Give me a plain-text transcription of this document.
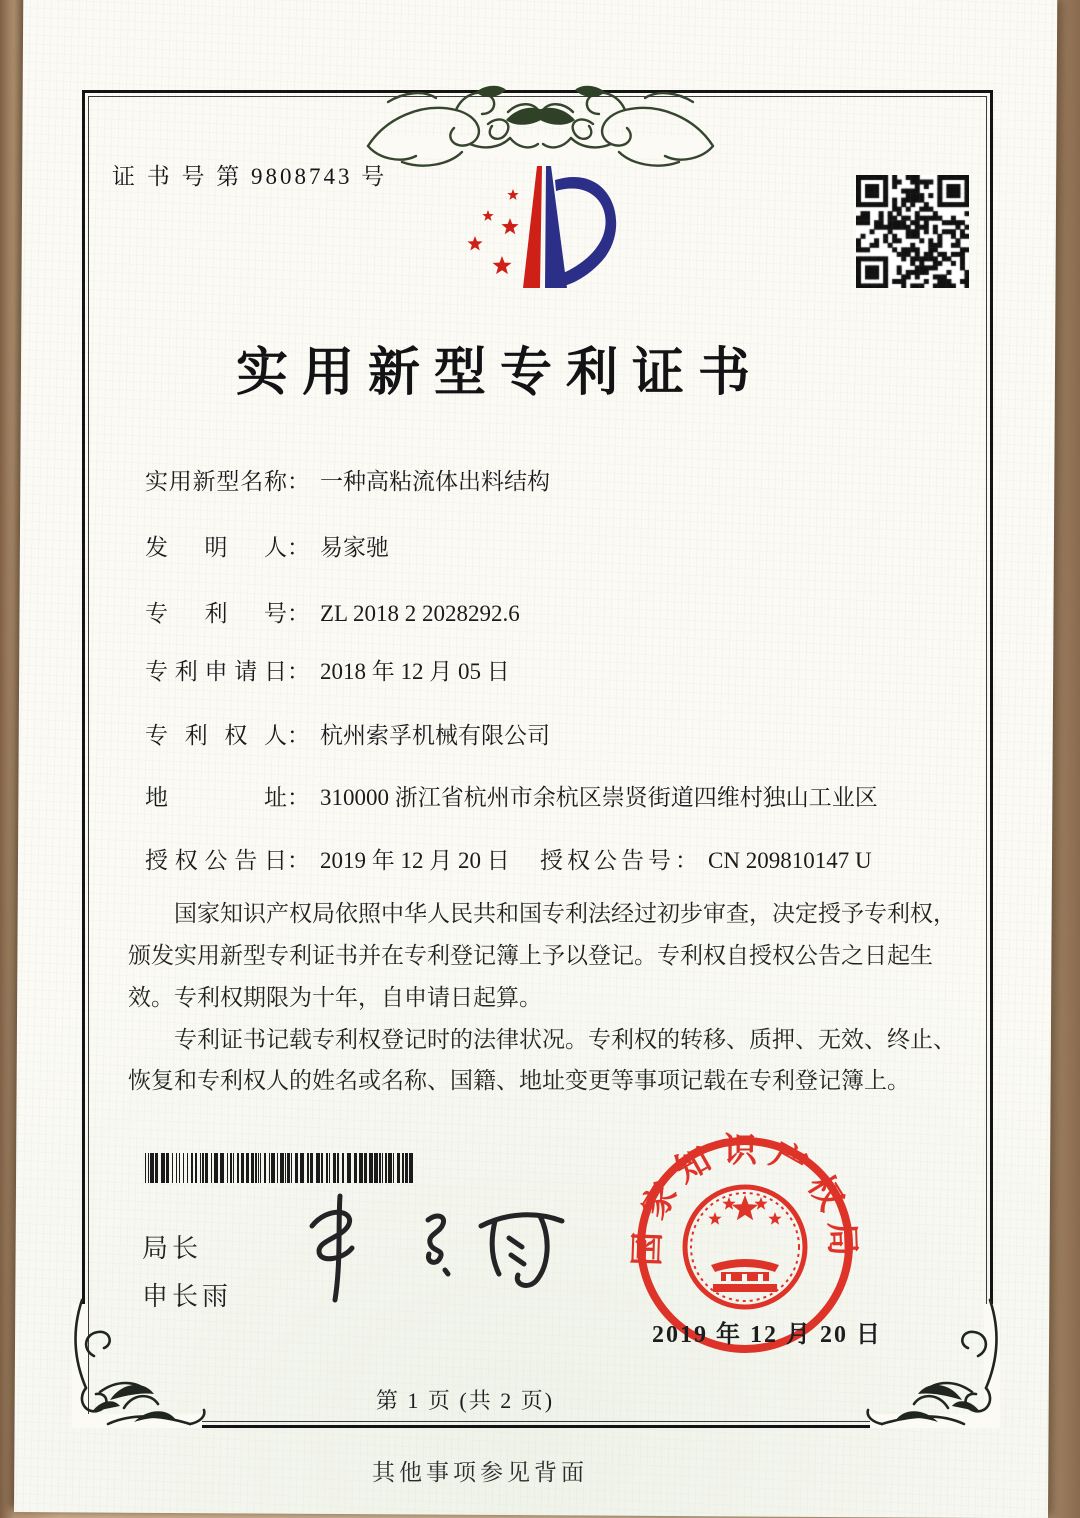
证 书 号 第 9808743 号
实用新型专利证书
实用新型名称： 一种高粘流体出料结构
发明人： 易家驰
专利号： ZL 2018 2 2028292.6
专利申请日： 2018 年 12 月 05 日
专利权人： 杭州索孚机械有限公司
地址： 310000 浙江省杭州市余杭区崇贤街道四维村独山工业区
授权公告日： 2019 年 12 月 20 日 授权公告号： CN 209810147 U

国家知识产权局依照中华人民共和国专利法经过初步审查，决定授予专利权，颁发实用新型专利证书并在专利登记簿上予以登记。专利权自授权公告之日起生效。专利权期限为十年，自申请日起算。

专利证书记载专利权登记时的法律状况。专利权的转移、质押、无效、终止、恢复和专利权人的姓名或名称、国籍、地址变更等事项记载在专利登记簿上。

局长
申长雨
国家知识产权局
2019 年 12 月 20 日
第 1 页 (共 2 页)
其他事项参见背面
